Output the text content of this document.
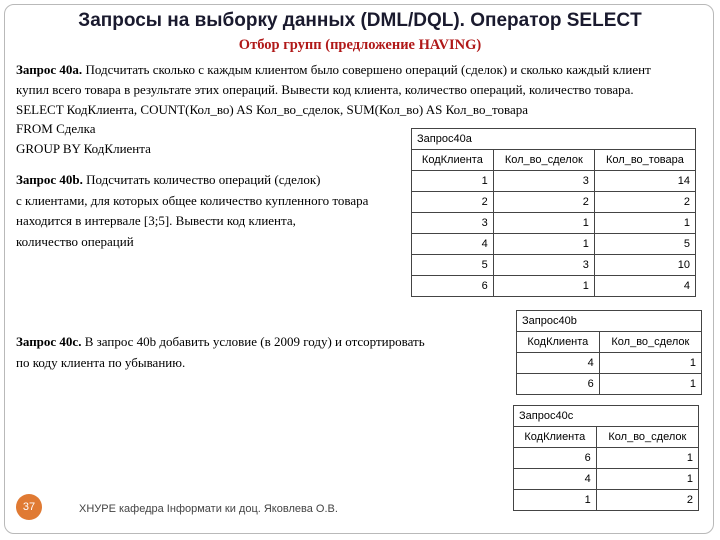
Запросы на выборку данных (DML/DQL). Оператор SELECT
Отбор групп (предложение HAVING)
Запрос 40а. Подсчитать сколько с каждым клиентом было совершено операций (сделок) и сколько каждый клиент
купил всего товара в результате этих операций. Вывести код клиента, количество операций, количество товара.
SELECT КодКлиента, COUNT(Кол_во) AS Кол_во_сделок, SUM(Кол_во) AS Кол_во_товара
FROM Сделка
GROUP BY КодКлиента
Запрос 40b. Подсчитать количество операций (сделок)
с клиентами, для которых общее количество купленного товара
находится в интервале [3;5]. Вывести код клиента,
количество операций
Запрос 40с. В запрос 40b добавить условие (в 2009 году) и отсортировать
по коду клиента по убыванию.
Запрос40а		
КодКлиента	Кол_во_сделок	Кол_во_товара
1	3	14
2	2	2
3	1	1
4	1	5
5	3	10
6	1	4
Запрос40b	
КодКлиента	Кол_во_сделок
4	1
6	1
Запрос40c	
КодКлиента	Кол_во_сделок
6	1
4	1
1	2
37	ХНУРЕ кафедра Інформати ки доц. Яковлева О.В.
